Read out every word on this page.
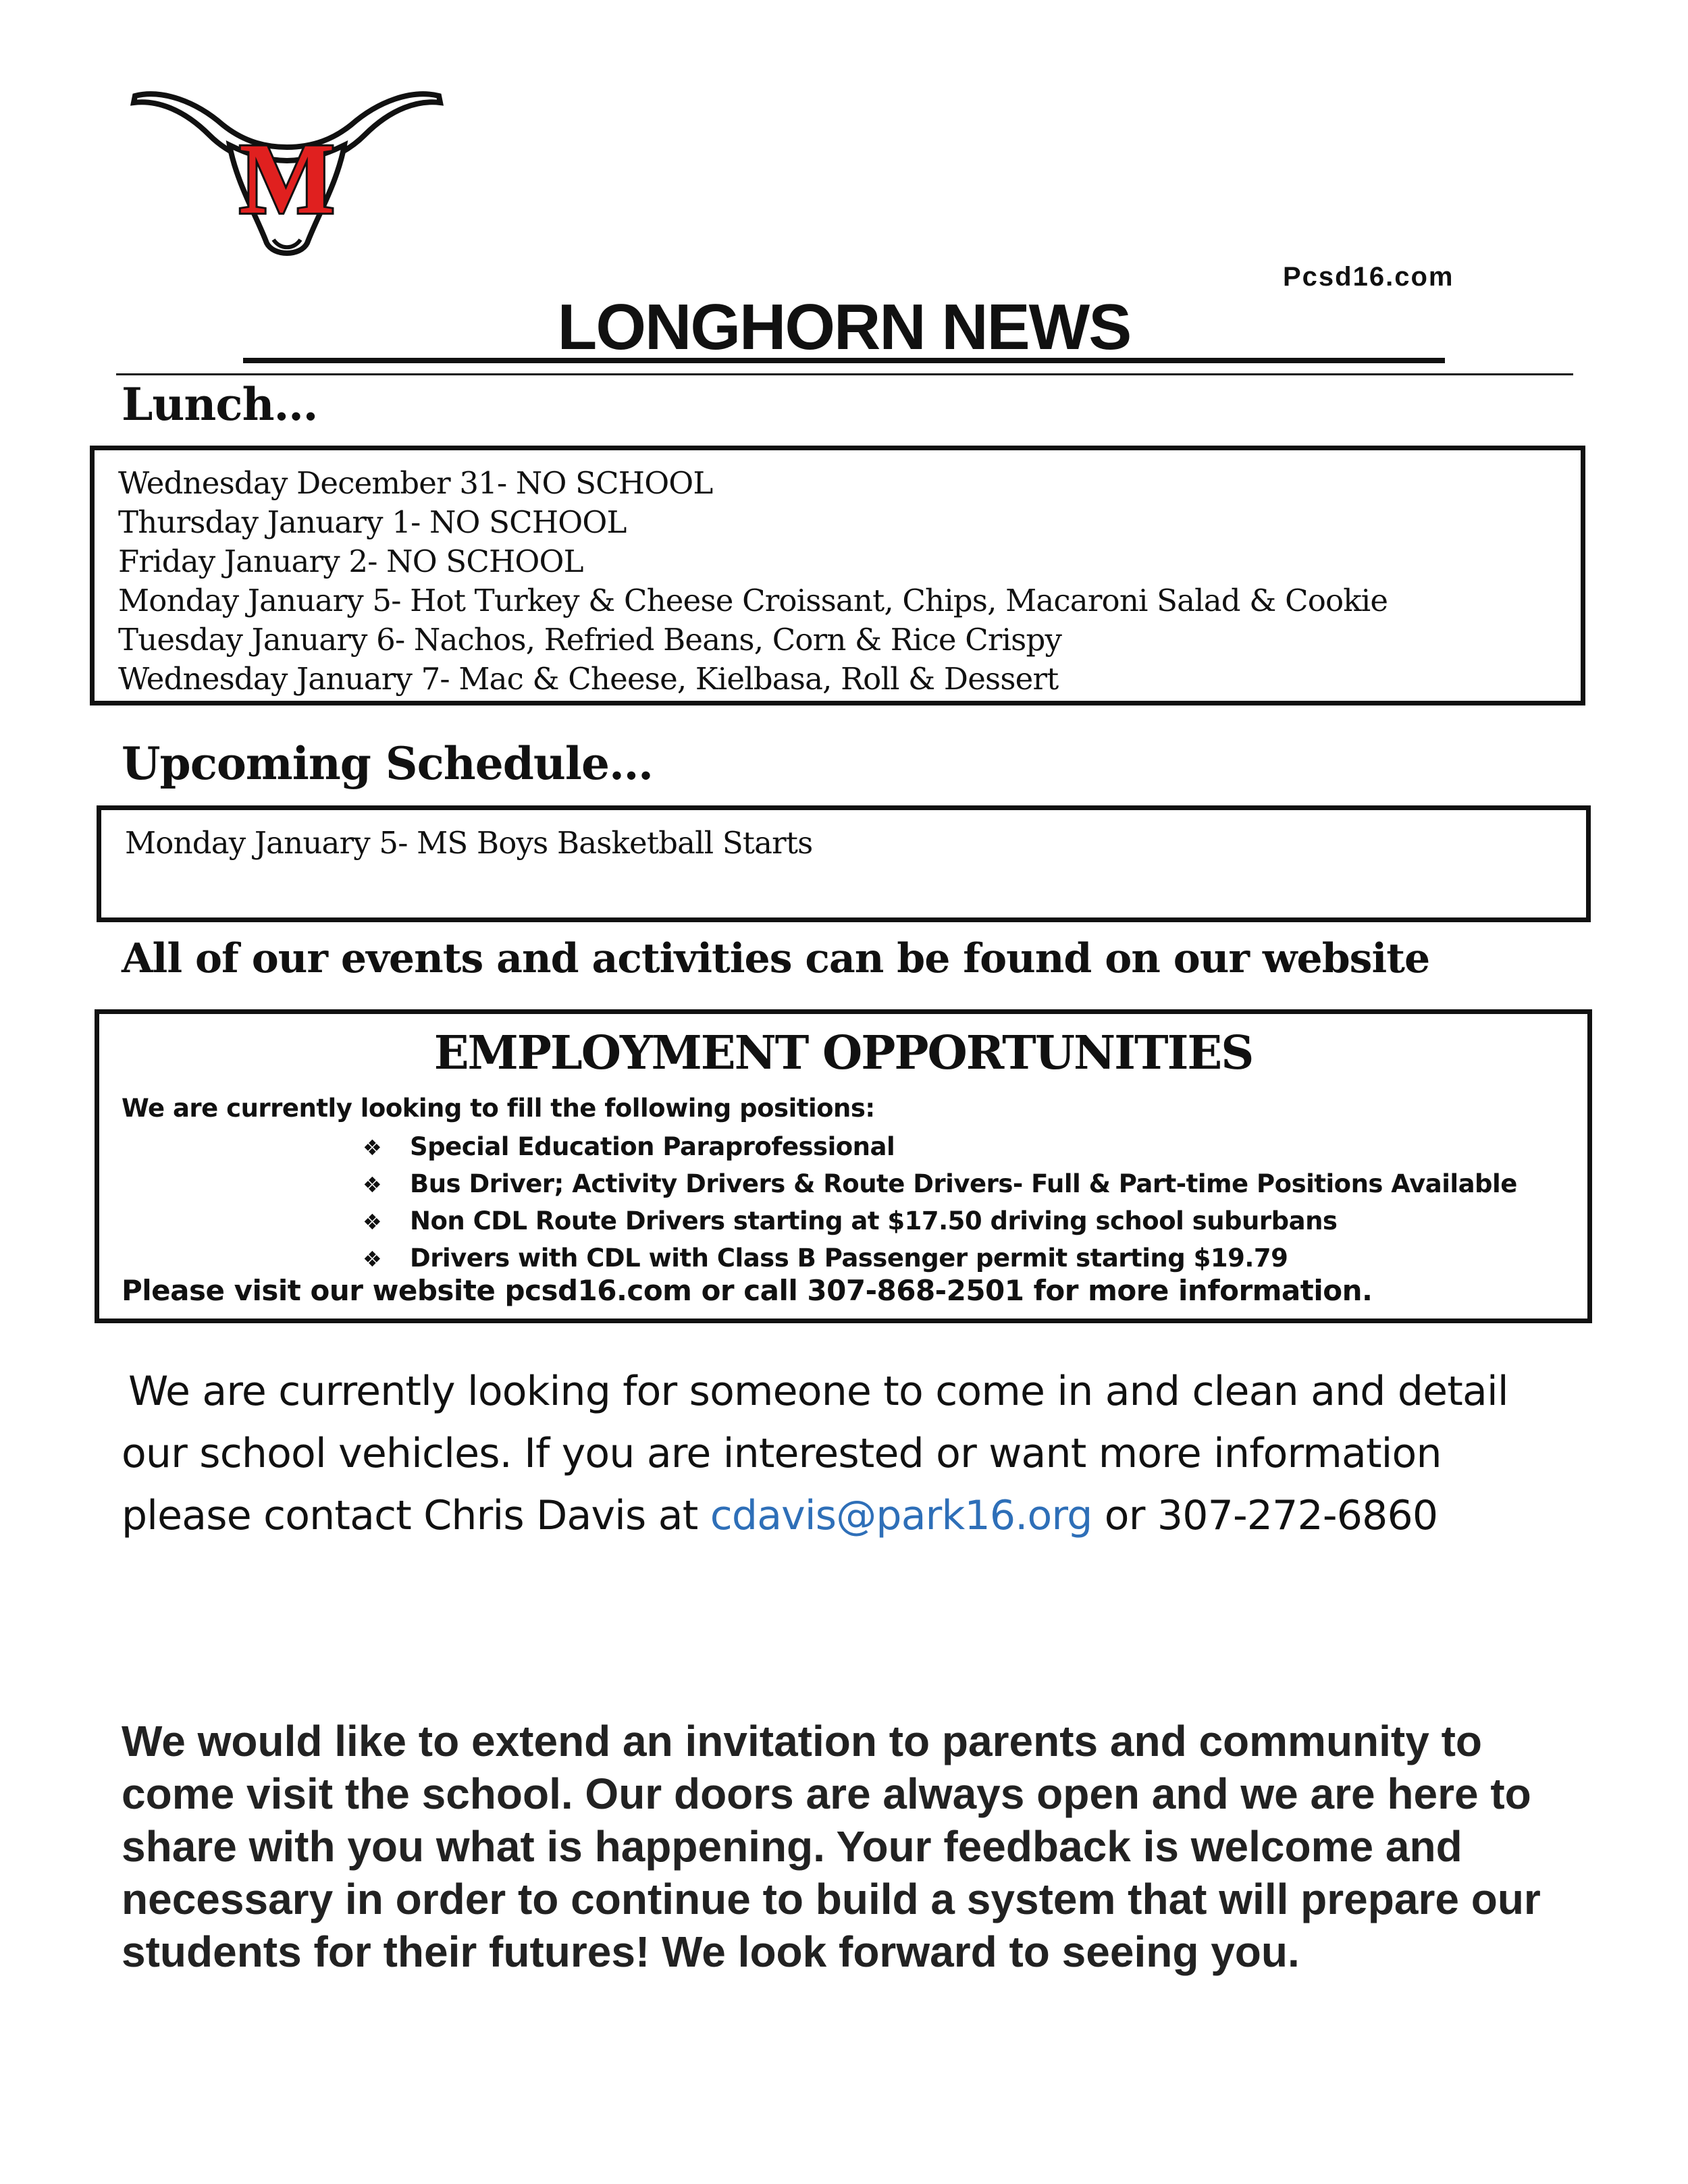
M
Pcsd16.com
LONGHORN NEWS
Lunch…
Wednesday December 31- NO SCHOOL
Thursday January 1- NO SCHOOL
Friday January 2- NO SCHOOL
Monday January 5- Hot Turkey & Cheese Croissant, Chips, Macaroni Salad & Cookie
Tuesday January 6- Nachos, Refried Beans, Corn & Rice Crispy
Wednesday January 7- Mac & Cheese, Kielbasa, Roll & Dessert
Upcoming Schedule…
Monday January 5- MS Boys Basketball Starts
All of our events and activities can be found on our website
EMPLOYMENT OPPORTUNITIES
We are currently looking to fill the following positions:
❖ Special Education Paraprofessional
❖ Bus Driver; Activity Drivers & Route Drivers- Full & Part-time Positions Available
❖ Non CDL Route Drivers starting at $17.50 driving school suburbans
❖ Drivers with CDL with Class B Passenger permit starting $19.79
Please visit our website pcsd16.com or call 307-868-2501 for more information.
We are currently looking for someone to come in and clean and detail our school vehicles. If you are interested or want more information please contact Chris Davis at cdavis@park16.org or 307-272-6860
We would like to extend an invitation to parents and community to come visit the school. Our doors are always open and we are here to share with you what is happening. Your feedback is welcome and necessary in order to continue to build a system that will prepare our students for their futures! We look forward to seeing you.
